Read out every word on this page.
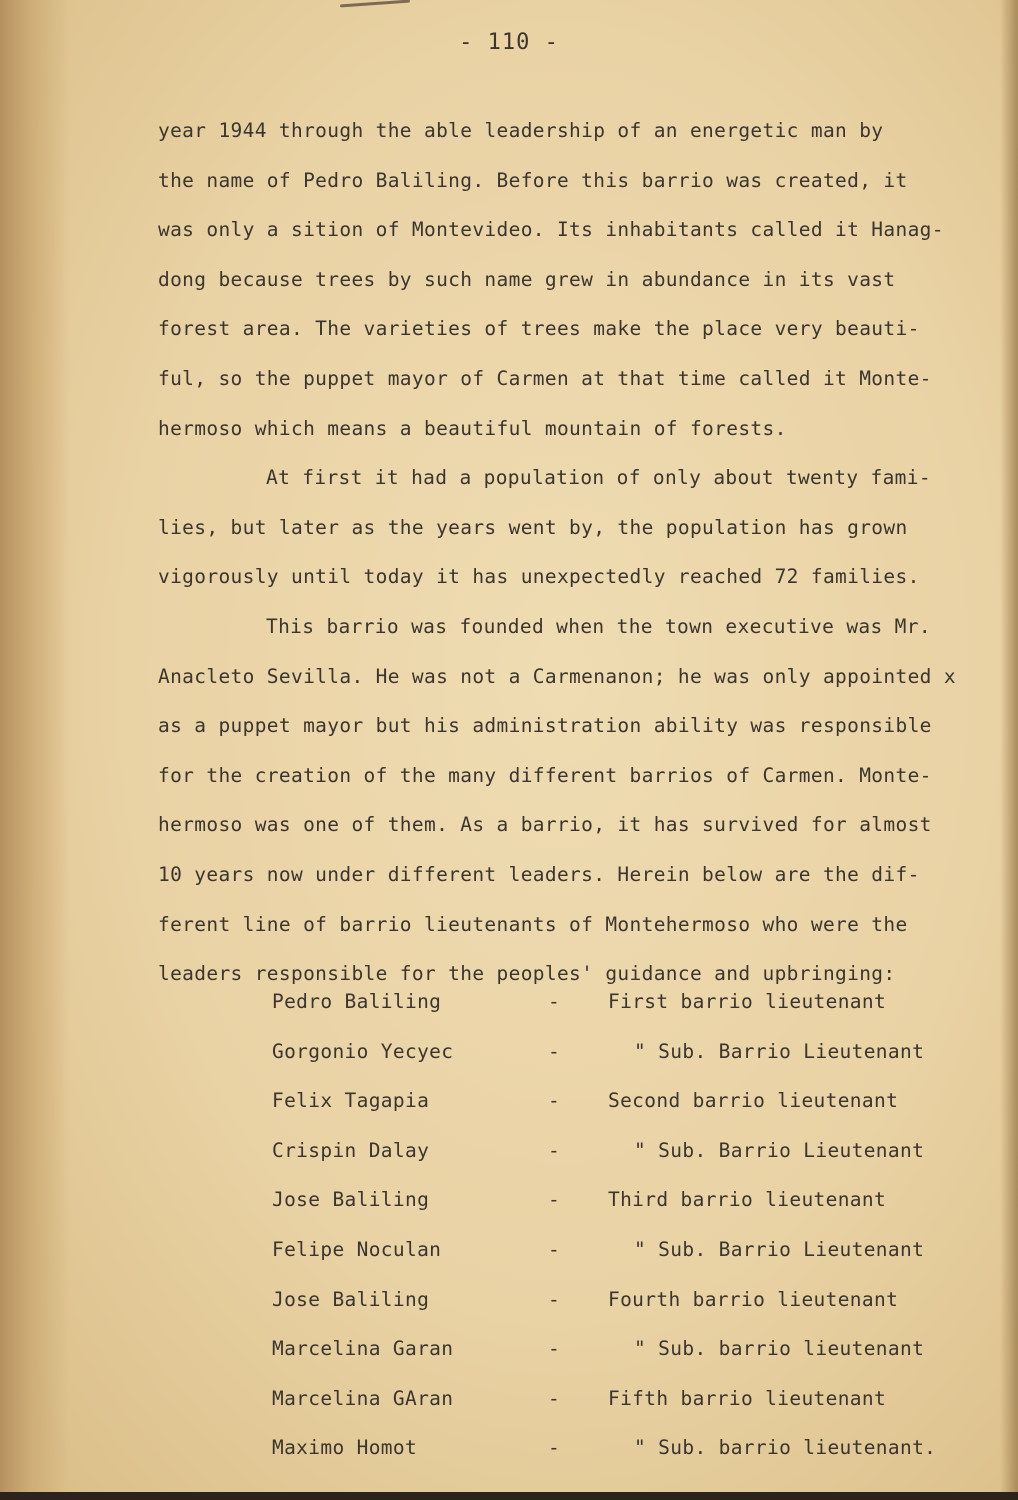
- 110 -
year 1944 through the able leadership of an energetic man by
the name of Pedro Baliling. Before this barrio was created, it
was only a sition of Montevideo. Its inhabitants called it Hanag-
dong because trees by such name grew in abundance in its vast
forest area. The varieties of trees make the place very beauti-
ful, so the puppet mayor of Carmen at that time called it Monte-
hermoso which means a beautiful mountain of forests.
At first it had a population of only about twenty fami-
lies, but later as the years went by, the population has grown
vigorously until today it has unexpectedly reached 72 families.
This barrio was founded when the town executive was Mr.
Anacleto Sevilla. He was not a Carmenanon; he was only appointed x
as a puppet mayor but his administration ability was responsible
for the creation of the many different barrios of Carmen. Monte-
hermoso was one of them. As a barrio, it has survived for almost
10 years now under different leaders. Herein below are the dif-
ferent line of barrio lieutenants of Montehermoso who were the
leaders responsible for the peoples' guidance and upbringing:
Pedro Baliling	- First barrio lieutenant
Gorgonio Yecyec	-	" Sub. Barrio Lieutenant
Felix Tagapia	- Second barrio lieutenant
Crispin Dalay	-	" Sub. Barrio Lieutenant
Jose Baliling	- Third barrio lieutenant
Felipe Noculan	-	" Sub. Barrio Lieutenant
Jose Baliling	- Fourth barrio lieutenant
Marcelina Garan	-	" Sub. barrio lieutenant
Marcelina GAran	- Fifth barrio lieutenant
Maximo Homot	-	" Sub. barrio lieutenant.
